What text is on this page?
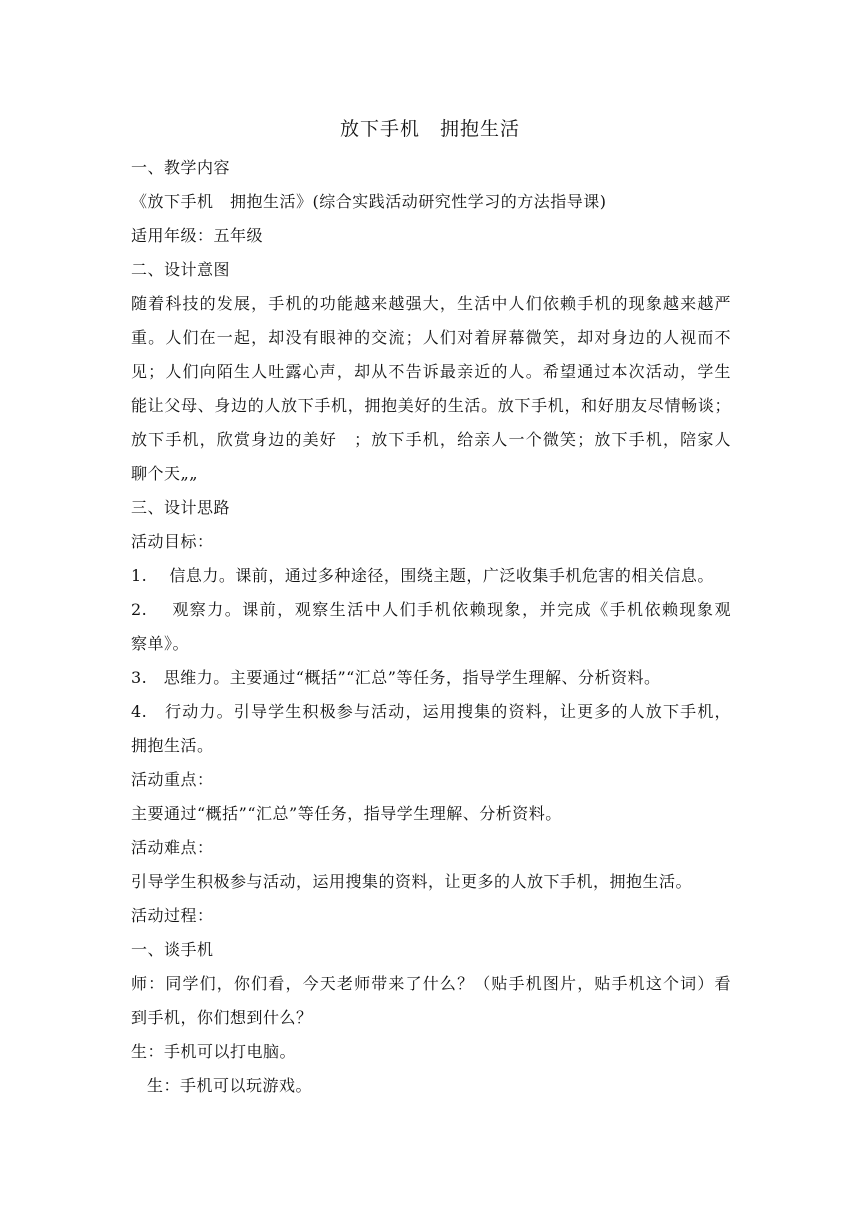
放下手机　拥抱生活
一、教学内容
《放下手机　拥抱生活》(综合实践活动研究性学习的方法指导课)
适用年级：五年级
二、设计意图
随着科技的发展，手机的功能越来越强大，生活中人们依赖手机的现象越来越严
重。人们在一起，却没有眼神的交流；人们对着屏幕微笑，却对身边的人视而不
见；人们向陌生人吐露心声，却从不告诉最亲近的人。希望通过本次活动，学生
能让父母、身边的人放下手机，拥抱美好的生活。放下手机，和好朋友尽情畅谈；
放下手机，欣赏身边的美好　；放下手机，给亲人一个微笑；放下手机，陪家人
聊个天„„
三、设计思路
活动目标：
1.　 信息力。课前，通过多种途径，围绕主题，广泛收集手机危害的相关信息。
2.　 观察力。课前，观察生活中人们手机依赖现象，并完成《手机依赖现象观
察单》。
3.　思维力。主要通过“概括”“汇总”等任务，指导学生理解、分析资料。
4.　行动力。引导学生积极参与活动，运用搜集的资料，让更多的人放下手机，
拥抱生活。
活动重点：
主要通过“概括”“汇总”等任务，指导学生理解、分析资料。
活动难点：
引导学生积极参与活动，运用搜集的资料，让更多的人放下手机，拥抱生活。
活动过程：
一、谈手机
师：同学们，你们看，今天老师带来了什么？（贴手机图片，贴手机这个词）看
到手机，你们想到什么？
生：手机可以打电脑。
生：手机可以玩游戏。
